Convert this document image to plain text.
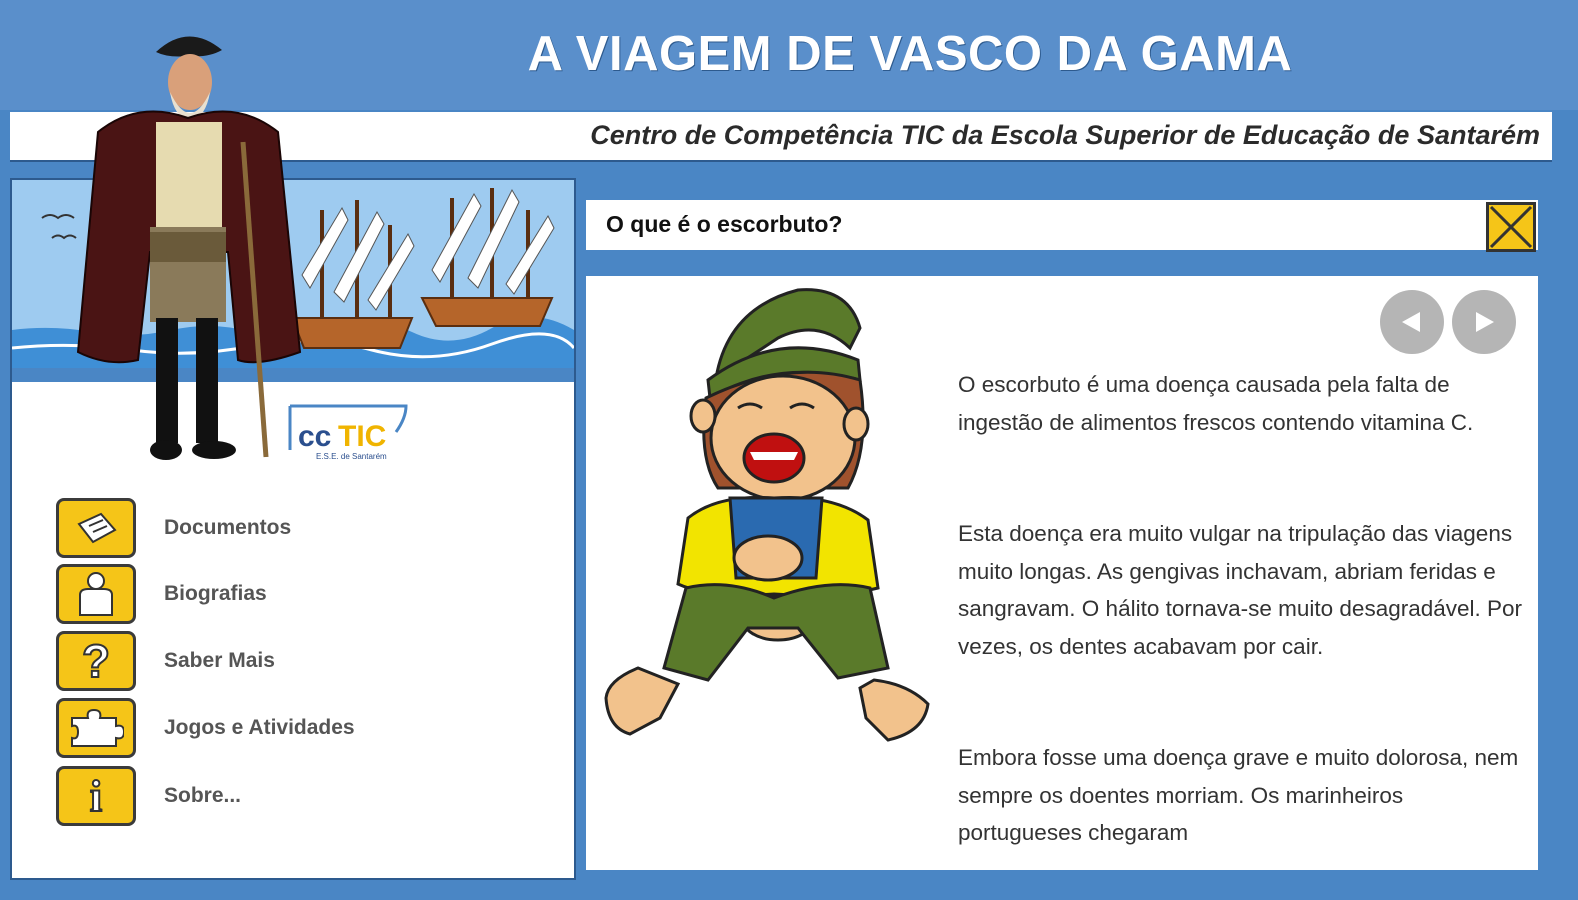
A VIAGEM DE VASCO DA GAMA
Centro de Competência TIC da Escola Superior de Educação de Santarém
cc TIC
E.S.E. de Santarém
Documentos
Biografias
?	Saber Mais
Jogos e Atividades
i	Sobre...
O que é o escorbuto?
O escorbuto é uma doença causada pela falta de ingestão de alimentos frescos contendo vitamina C.
Esta doença era muito vulgar na tripulação das viagens muito longas. As gengivas inchavam, abriam feridas e sangravam. O hálito tornava-se muito desagradável. Por vezes, os dentes acabavam por cair.
Embora fosse uma doença grave e muito dolorosa, nem sempre os doentes morriam. Os marinheiros portugueses chegaram
